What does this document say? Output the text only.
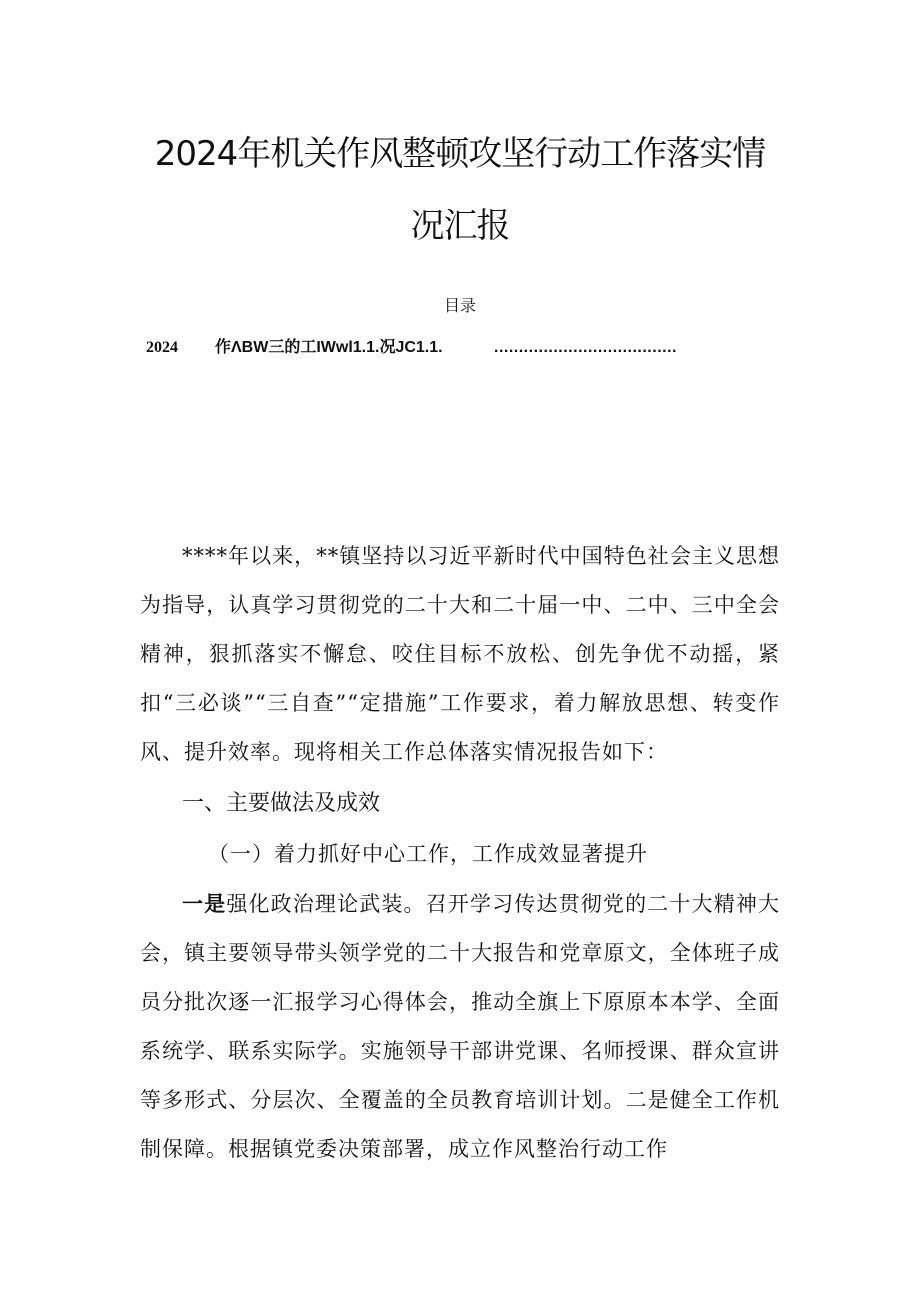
2024年机关作风整顿攻坚行动工作落实情
况汇报
目录
2024 作ΛBW三的工IWwl1.1.况JC1.1.	.....................................
****年以来，**镇坚持以习近平新时代中国特色社会主义思想为指导，认真学习贯彻党的二十大和二十届一中、二中、三中全会精神，狠抓落实不懈怠、咬住目标不放松、创先争优不动摇，紧扣“三必谈”“三自查”“定措施”工作要求，着力解放思想、转变作风、提升效率。现将相关工作总体落实情况报告如下：
一、主要做法及成效
（一）着力抓好中心工作，工作成效显著提升
一是强化政治理论武装。召开学习传达贯彻党的二十大精神大会，镇主要领导带头领学党的二十大报告和党章原文，全体班子成员分批次逐一汇报学习心得体会，推动全旗上下原原本本学、全面系统学、联系实际学。实施领导干部讲党课、名师授课、群众宣讲等多形式、分层次、全覆盖的全员教育培训计划。二是健全工作机制保障。根据镇党委决策部署，成立作风整治行动工作
